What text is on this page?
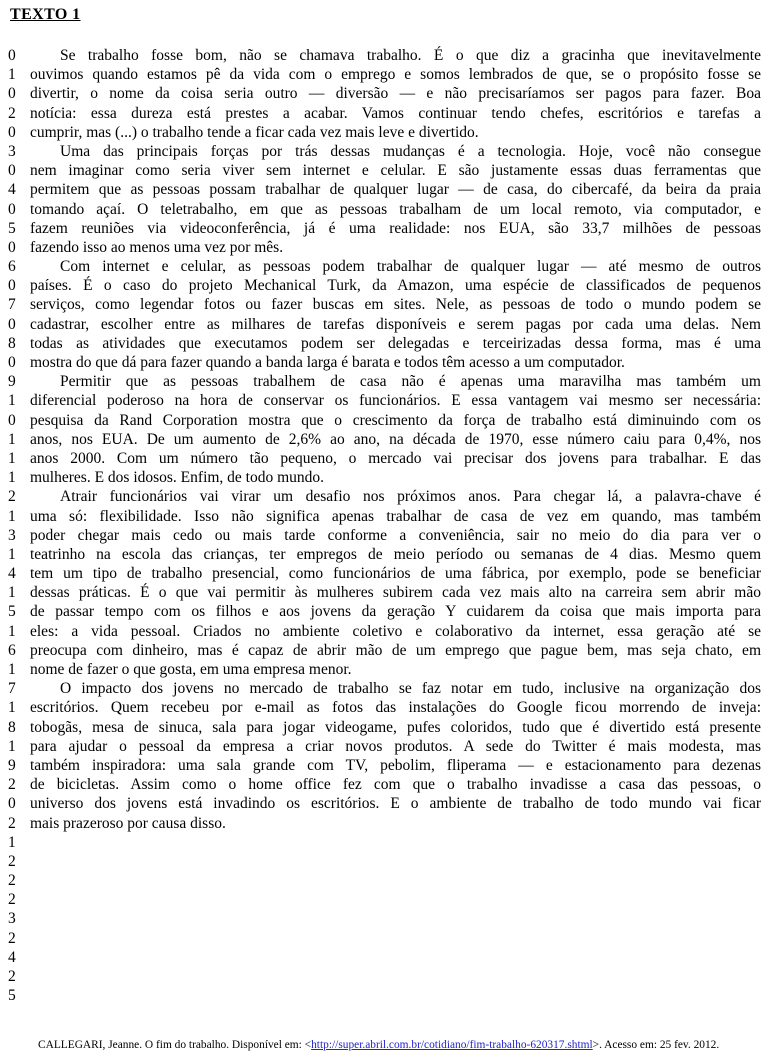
TEXTO 1
0	Se trabalho fosse bom, não se chamava trabalho. É o que diz a gracinha que inevitavelmente
1 ouvimos quando estamos pê da vida com o emprego e somos lembrados de que, se o propósito fosse se
0 divertir, o nome da coisa seria outro — diversão — e não precisaríamos ser pagos para fazer. Boa
2 notícia: essa dureza está prestes a acabar. Vamos continuar tendo chefes, escritórios e tarefas a
0 cumprir, mas (...) o trabalho tende a ficar cada vez mais leve e divertido.
3	Uma das principais forças por trás dessas mudanças é a tecnologia. Hoje, você não consegue
0 nem imaginar como seria viver sem internet e celular. E são justamente essas duas ferramentas que
4 permitem que as pessoas possam trabalhar de qualquer lugar — de casa, do cibercafé, da beira da praia
0 tomando açaí. O teletrabalho, em que as pessoas trabalham de um local remoto, via computador, e
5 fazem reuniões via videoconferência, já é uma realidade: nos EUA, são 33,7 milhões de pessoas
0 fazendo isso ao menos uma vez por mês.
6	Com internet e celular, as pessoas podem trabalhar de qualquer lugar — até mesmo de outros
0 países. É o caso do projeto Mechanical Turk, da Amazon, uma espécie de classificados de pequenos
7 serviços, como legendar fotos ou fazer buscas em sites. Nele, as pessoas de todo o mundo podem se
0 cadastrar, escolher entre as milhares de tarefas disponíveis e serem pagas por cada uma delas. Nem
8 todas as atividades que executamos podem ser delegadas e terceirizadas dessa forma, mas é uma
0 mostra do que dá para fazer quando a banda larga é barata e todos têm acesso a um computador.
9	Permitir que as pessoas trabalhem de casa não é apenas uma maravilha mas também um
1 diferencial poderoso na hora de conservar os funcionários. E essa vantagem vai mesmo ser necessária:
0 pesquisa da Rand Corporation mostra que o crescimento da força de trabalho está diminuindo com os
1 anos, nos EUA. De um aumento de 2,6% ao ano, na década de 1970, esse número caiu para 0,4%, nos
1 anos 2000. Com um número tão pequeno, o mercado vai precisar dos jovens para trabalhar. E das
1 mulheres. E dos idosos. Enfim, de todo mundo.
2	Atrair funcionários vai virar um desafio nos próximos anos. Para chegar lá, a palavra-chave é
1 uma só: flexibilidade. Isso não significa apenas trabalhar de casa de vez em quando, mas também
3 poder chegar mais cedo ou mais tarde conforme a conveniência, sair no meio do dia para ver o
1 teatrinho na escola das crianças, ter empregos de meio período ou semanas de 4 dias. Mesmo quem
4 tem um tipo de trabalho presencial, como funcionários de uma fábrica, por exemplo, pode se beneficiar
1 dessas práticas. É o que vai permitir às mulheres subirem cada vez mais alto na carreira sem abrir mão
5 de passar tempo com os filhos e aos jovens da geração Y cuidarem da coisa que mais importa para
1 eles: a vida pessoal. Criados no ambiente coletivo e colaborativo da internet, essa geração até se
6 preocupa com dinheiro, mas é capaz de abrir mão de um emprego que pague bem, mas seja chato, em
1 nome de fazer o que gosta, em uma empresa menor.
7	O impacto dos jovens no mercado de trabalho se faz notar em tudo, inclusive na organização dos
1 escritórios. Quem recebeu por e-mail as fotos das instalações do Google ficou morrendo de inveja:
8 tobogãs, mesa de sinuca, sala para jogar videogame, pufes coloridos, tudo que é divertido está presente
1 para ajudar o pessoal da empresa a criar novos produtos. A sede do Twitter é mais modesta, mas
9 também inspiradora: uma sala grande com TV, pebolim, fliperama — e estacionamento para dezenas
2 de bicicletas. Assim como o home office fez com que o trabalho invadisse a casa das pessoas, o
0 universo dos jovens está invadindo os escritórios. E o ambiente de trabalho de todo mundo vai ficar
2 mais prazeroso por causa disso.
1
2
2
2
3
2
4
2
5
CALLEGARI, Jeanne. O fim do trabalho. Disponível em: <http://super.abril.com.br/cotidiano/fim-trabalho-620317.shtml>. Acesso em: 25 fev. 2012.
